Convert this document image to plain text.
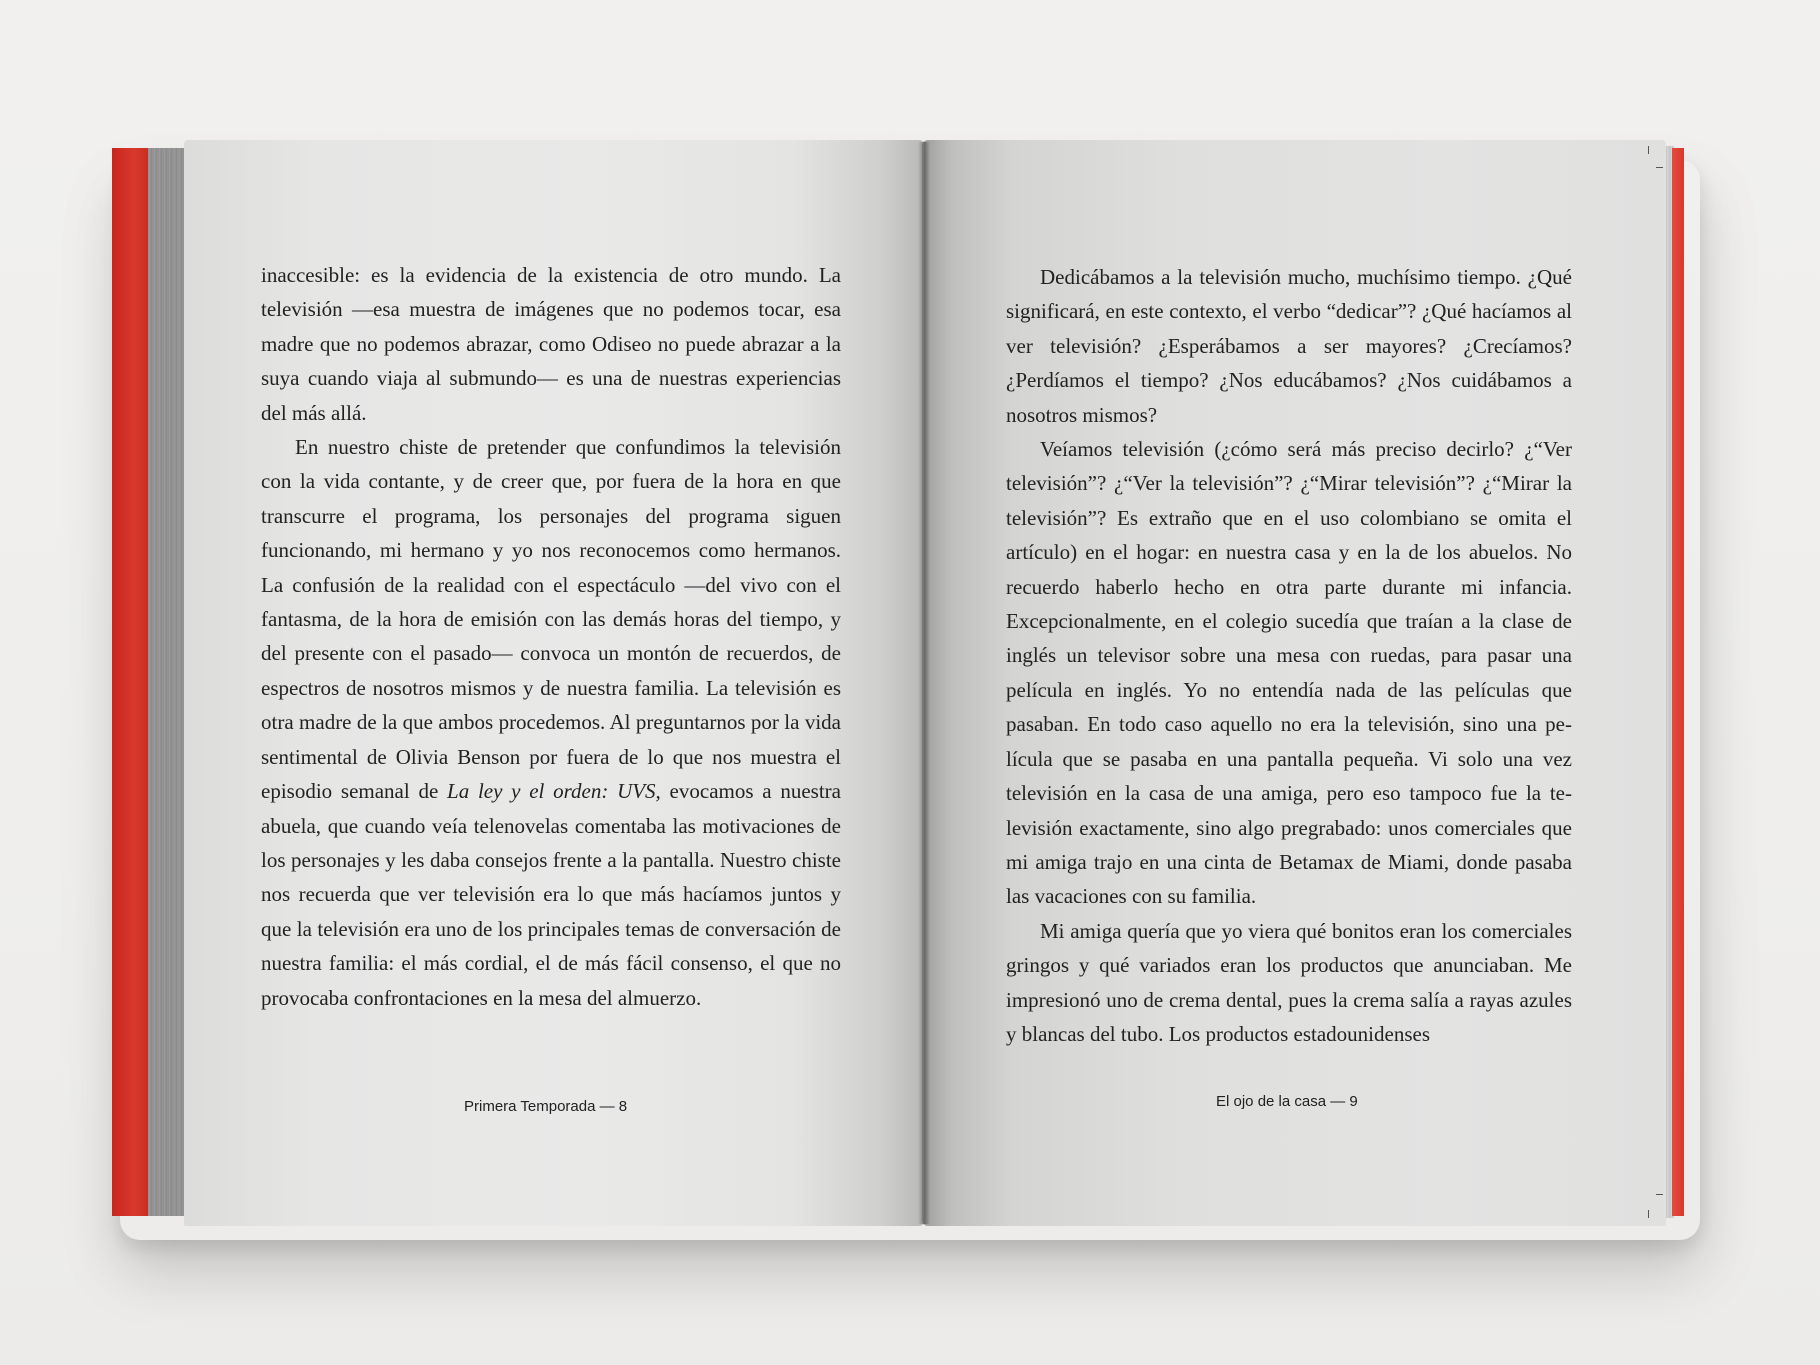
inaccesible: es la evidencia de la existencia de otro mundo. La televisión —esa muestra de imágenes que no podemos tocar, esa madre que no podemos abrazar, como Odiseo no puede abrazar a la suya cuando viaja al submundo— es una de nuestras experiencias del más allá.

En nuestro chiste de pretender que confundimos la televisión con la vida contante, y de creer que, por fuera de la hora en que transcurre el programa, los personajes del programa siguen funcionando, mi hermano y yo nos reconocemos como hermanos. La confusión de la realidad con el espectáculo —del vivo con el fantasma, de la hora de emisión con las demás horas del tiempo, y del presente con el pasado— convoca un montón de recuerdos, de espectros de nosotros mismos y de nuestra familia. La televisión es otra madre de la que ambos procedemos. Al preguntarnos por la vida sentimental de Olivia Benson por fuera de lo que nos muestra el episodio semanal de La ley y el orden: UVS, evocamos a nuestra abuela, que cuando veía telenovelas comentaba las motivaciones de los personajes y les daba consejos frente a la pantalla. Nuestro chiste nos recuerda que ver televisión era lo que más hacíamos juntos y que la televisión era uno de los principales temas de conversación de nuestra familia: el más cordial, el de más fácil consenso, el que no provocaba confrontaciones en la mesa del almuerzo.

Primera Temporada — 8

Dedicábamos a la televisión mucho, muchísimo tiempo. ¿Qué significará, en este contexto, el verbo “dedicar”? ¿Qué hacíamos al ver televisión? ¿Esperábamos a ser mayores? ¿Crecíamos? ¿Perdíamos el tiempo? ¿Nos educábamos? ¿Nos cuidábamos a nosotros mismos?

Veíamos televisión (¿cómo será más preciso decirlo? ¿“Ver televisión”? ¿“Ver la televisión”? ¿“Mirar televisión”? ¿“Mirar la televisión”? Es extraño que en el uso colombiano se omita el artículo) en el hogar: en nuestra casa y en la de los abuelos. No recuerdo haberlo hecho en otra parte durante mi infancia. Excepcionalmente, en el colegio sucedía que traían a la clase de inglés un televisor sobre una mesa con ruedas, para pasar una película en inglés. Yo no entendía nada de las películas que pasaban. En todo caso aquello no era la televisión, sino una película que se pasaba en una pantalla pequeña. Vi solo una vez televisión en la casa de una amiga, pero eso tampoco fue la televisión exactamente, sino algo pregrabado: unos comerciales que mi amiga trajo en una cinta de Betamax de Miami, donde pasaba las vacaciones con su familia.

Mi amiga quería que yo viera qué bonitos eran los comerciales gringos y qué variados eran los productos que anunciaban. Me impresionó uno de crema dental, pues la crema salía a rayas azules y blancas del tubo. Los productos estadounidenses

El ojo de la casa — 9
